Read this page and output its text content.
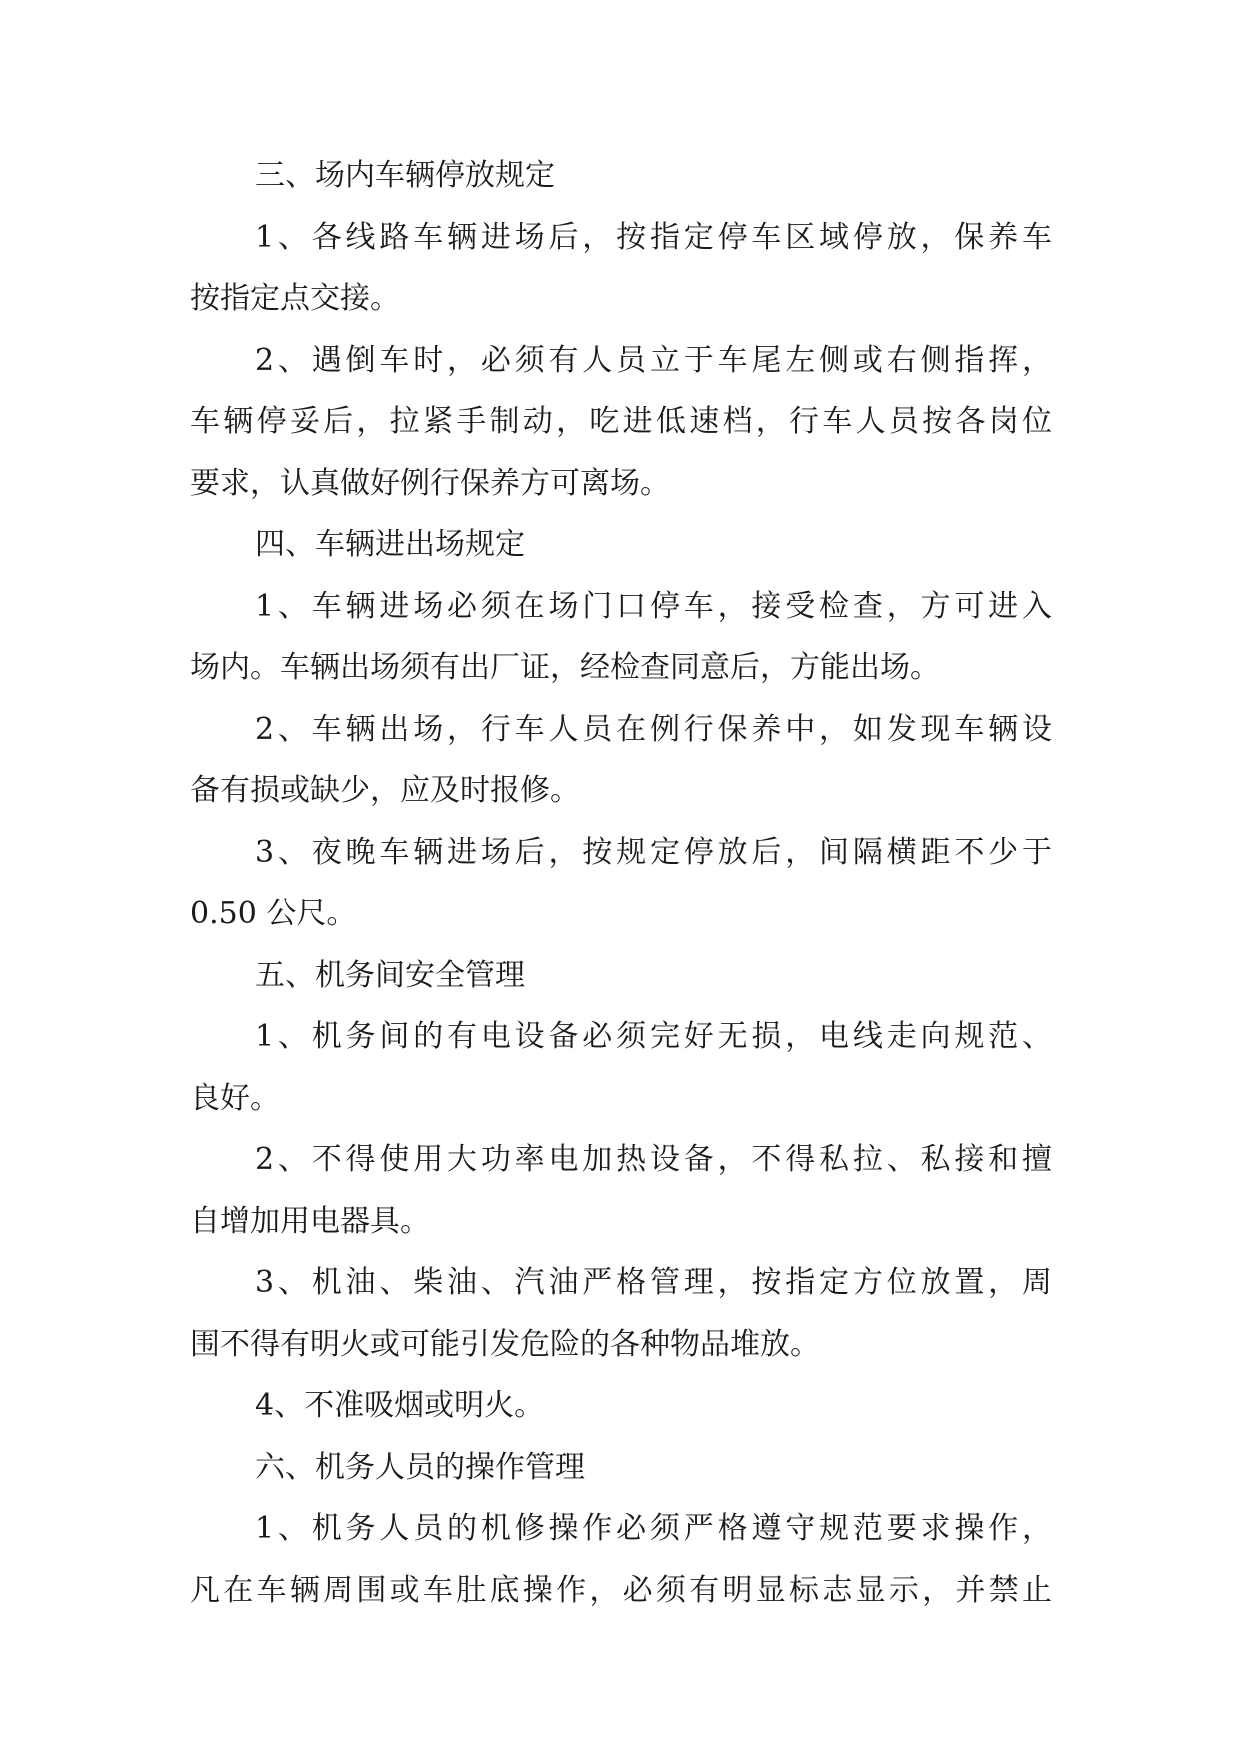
三、场内车辆停放规定
1、各线路车辆进场后，按指定停车区域停放，保养车
按指定点交接。
2、遇倒车时，必须有人员立于车尾左侧或右侧指挥，
车辆停妥后，拉紧手制动，吃进低速档，行车人员按各岗位
要求，认真做好例行保养方可离场。
四、车辆进出场规定
1、车辆进场必须在场门口停车，接受检查，方可进入
场内。车辆出场须有出厂证，经检查同意后，方能出场。
2、车辆出场，行车人员在例行保养中，如发现车辆设
备有损或缺少，应及时报修。
3、夜晚车辆进场后，按规定停放后，间隔横距不少于
0.50 公尺。
五、机务间安全管理
1、机务间的有电设备必须完好无损，电线走向规范、
良好。
2、不得使用大功率电加热设备，不得私拉、私接和擅
自增加用电器具。
3、机油、柴油、汽油严格管理，按指定方位放置，周
围不得有明火或可能引发危险的各种物品堆放。
4、不准吸烟或明火。
六、机务人员的操作管理
1、机务人员的机修操作必须严格遵守规范要求操作，
凡在车辆周围或车肚底操作，必须有明显标志显示，并禁止
